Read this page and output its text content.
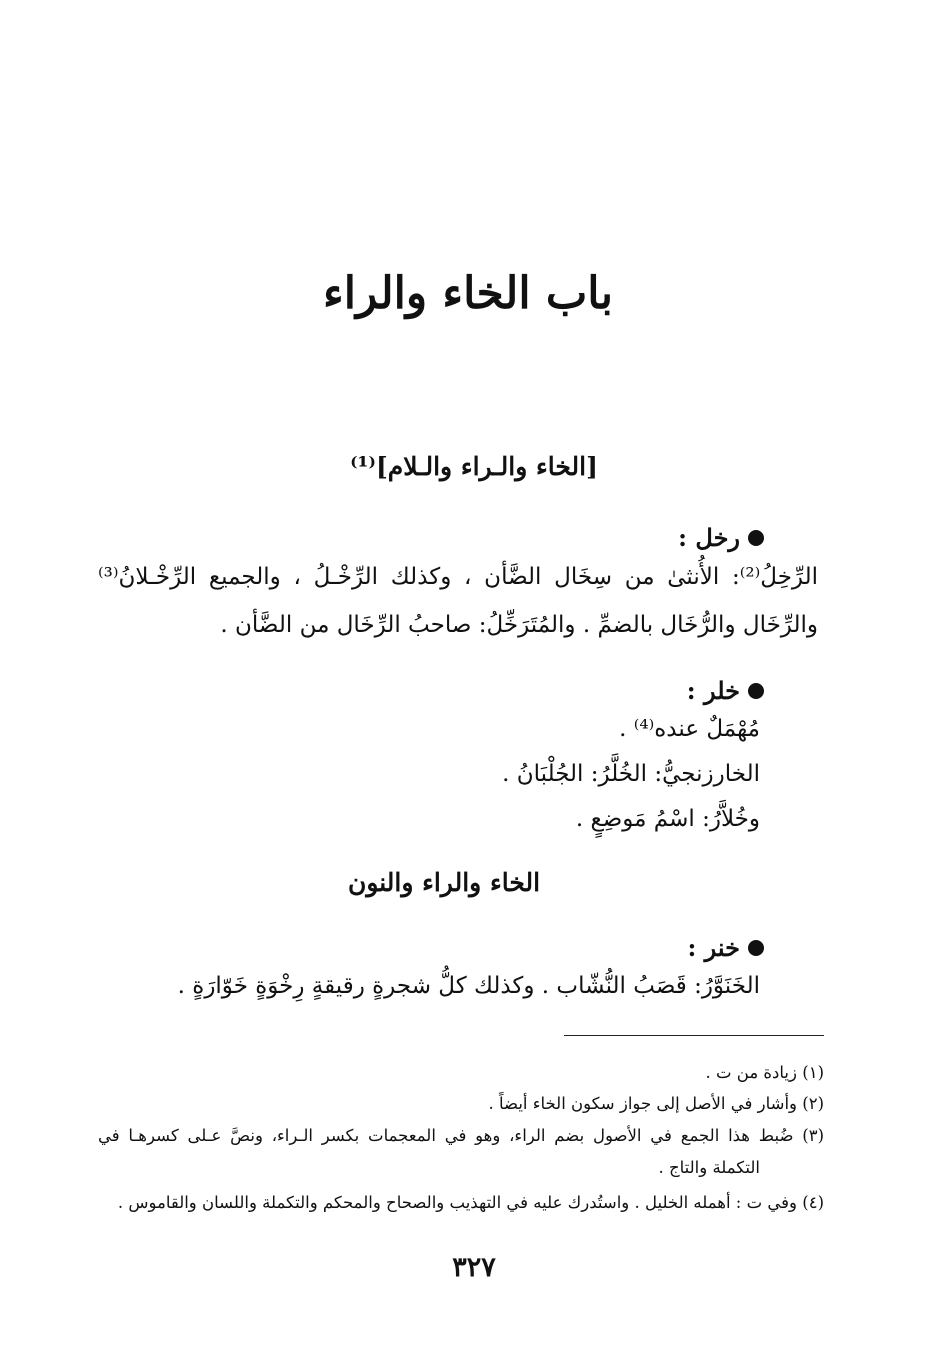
باب الخاء والراء
[الخاء والـراء والـلام]⁽¹⁾
رخل :
الرِّخِلُ⁽²⁾: الأُنثىٰ من سِخَال الضَّأن ، وكذلك الرِّخْـلُ ، والجميع الرِّخْـلانُ⁽³⁾
والرِّخَال والرُّخَال بالضمِّ . والمُتَرَخِّلُ: صاحبُ الرِّخَال من الضَّأن .
خلر :
مُهْمَلٌ عنده⁽⁴⁾ .
الخارزنجيُّ: الخُلَّرُ: الجُلْبَانُ .
وخُلاَّرُ: اسْمُ مَوضِعٍ .
الخاء والراء والنون
خنر :
الخَنَوَّرُ: قَصَبُ النُّشّاب . وكذلك كلُّ شجرةٍ رقيقةٍ رِخْوَةٍ خَوّارَةٍ .
(١) زيادة من ت .
(٢) وأشار في الأصل إلى جواز سكون الخاء أيضاً .
(٣) ضُبط هذا الجمع في الأصول بضم الراء، وهو في المعجمات بكسر الـراء، ونصَّ عـلى كسرهـا في
التكملة والتاج .
(٤) وفي ت : أهمله الخليل . واستُدرك عليه في التهذيب والصحاح والمحكم والتكملة واللسان والقاموس .
٣٢٧
